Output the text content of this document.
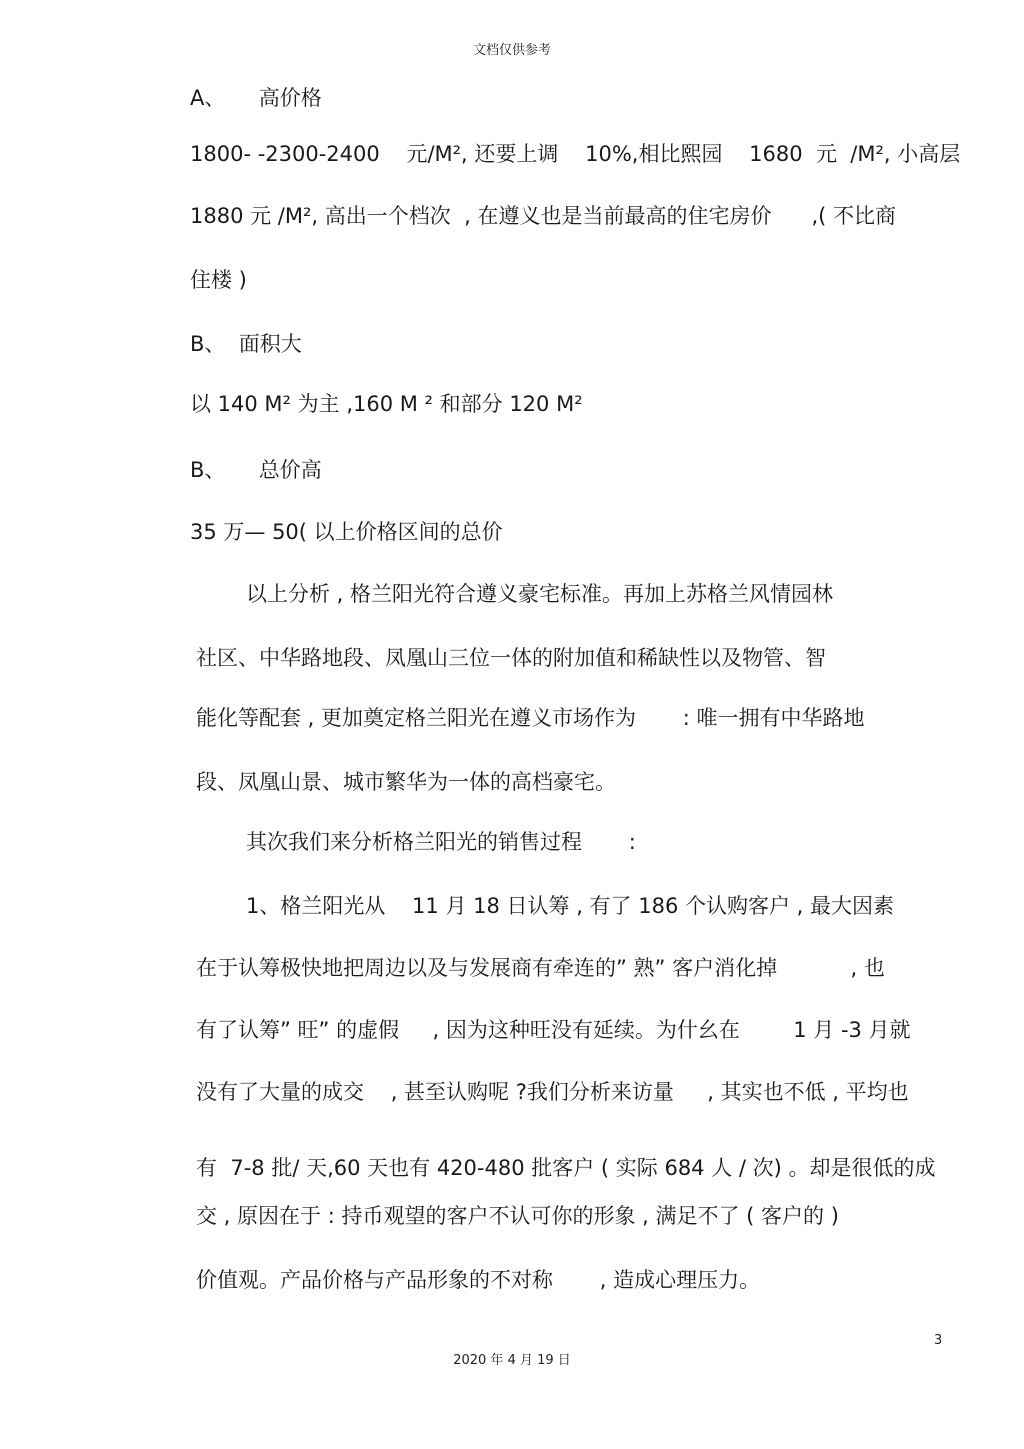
文档仅供参考
A、     高价格
1800- -2300-2400    元/M², 还要上调    10%,相比熙园    1680  元  /M², 小高层
1880 元 /M², 高出一个档次  , 在遵义也是当前最高的住宅房价      ,( 不比商
住楼 )
B、  面积大
以 140 M² 为主 ,160 M ² 和部分 120 M²
B、     总价高
35 万— 50( 以上价格区间的总价
以上分析 , 格兰阳光符合遵义豪宅标准。再加上苏格兰风情园林
社区、中华路地段、凤凰山三位一体的附加值和稀缺性以及物管、智
能化等配套 , 更加奠定格兰阳光在遵义市场作为       : 唯一拥有中华路地
段、凤凰山景、城市繁华为一体的高档豪宅。
其次我们来分析格兰阳光的销售过程       :
1、格兰阳光从    11 月 18 日认筹 , 有了 186 个认购客户 , 最大因素
在于认筹极快地把周边以及与发展商有牵连的” 熟” 客户消化掉           , 也
有了认筹” 旺” 的虚假     , 因为这种旺没有延续。为什幺在        1 月 -3 月就
没有了大量的成交    , 甚至认购呢 ?我们分析来访量     , 其实也不低 , 平均也
有  7-8 批/ 天,60 天也有 420-480 批客户 ( 实际 684 人 / 次) 。却是很低的成
交 , 原因在于 : 持币观望的客户不认可你的形象 , 满足不了 ( 客户的 )
价值观。产品价格与产品形象的不对称       , 造成心理压力。
3
2020 年 4 月 19 日
